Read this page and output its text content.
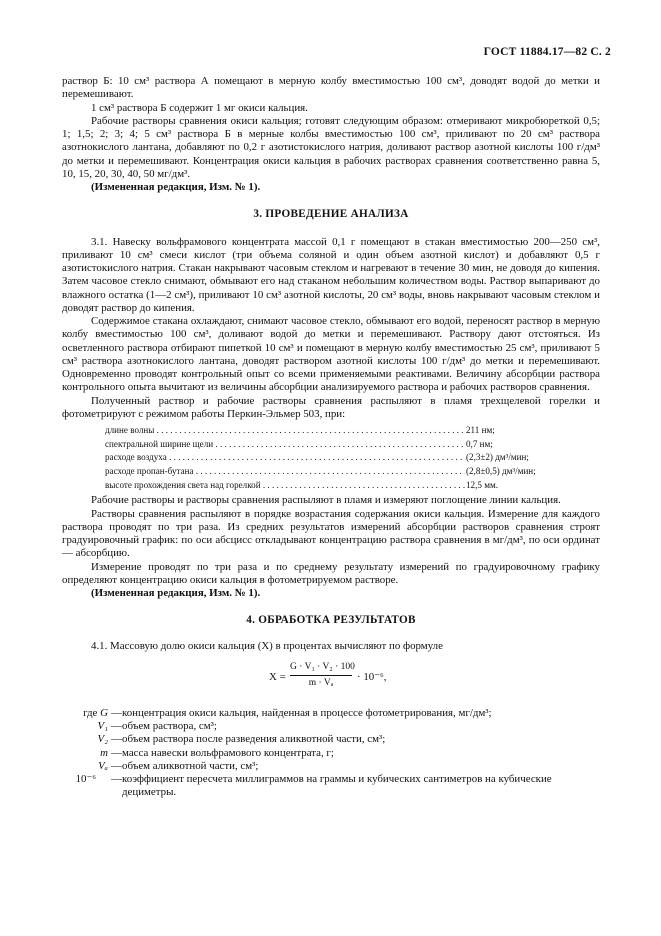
ГОСТ 11884.17—82 С. 2

раствор Б: 10 см³ раствора А помещают в мерную колбу вместимостью 100 см³, доводят водой до метки и перемешивают.

1 см³ раствора Б содержит 1 мг окиси кальция.

Рабочие растворы сравнения окиси кальция; готовят следующим образом: отмеривают микробюреткой 0,5; 1; 1,5; 2; 3; 4; 5 см³ раствора Б в мерные колбы вместимостью 100 см³, приливают по 20 см³ раствора азотнокислого лантана, добавляют по 0,2 г азотистокислого натрия, доливают раствор азотной кислоты 100 г/дм³ до метки и перемешивают. Концентрация окиси кальция в рабочих растворах сравнения соответственно равна 5, 10, 15, 20, 30, 40, 50 мг/дм³.

(Измененная редакция, Изм. № 1).

3. ПРОВЕДЕНИЕ АНАЛИЗА

3.1. Навеску вольфрамового концентрата массой 0,1 г помещают в стакан вместимостью 200—250 см³, приливают 10 см³ смеси кислот (три объема соляной и один объем азотной кислот) и добавляют 0,5 г азотистокислого натрия. Стакан накрывают часовым стеклом и нагревают в течение 30 мин, не доводя до кипения. Затем часовое стекло снимают, обмывают его над стаканом небольшим количеством воды. Раствор выпаривают до влажного остатка (1—2 см³), приливают 10 см³ азотной кислоты, 20 см³ воды, вновь накрывают часовым стеклом и доводят раствор до кипения.

Содержимое стакана охлаждают, снимают часовое стекло, обмывают его водой, переносят раствор в мерную колбу вместимостью 100 см³, доливают водой до метки и перемешивают. Раствору дают отстояться. Из осветленного раствора отбирают пипеткой 10 см³ и помещают в мерную колбу вместимостью 25 см³, приливают 5 см³ раствора азотнокислого лантана, доводят раствором азотной кислоты 100 г/дм³ до метки и перемешивают. Одновременно проводят контрольный опыт со всеми применяемыми реактивами. Величину абсорбции раствора контрольного опыта вычитают из величины абсорбции анализируемого раствора и рабочих растворов сравнения.

Полученный раствор и рабочие растворы сравнения распыляют в пламя трехщелевой горелки и фотометрируют с режимом работы Перкин-Эльмер 503, при:

длине волны . . .	211 нм;
спектральной ширине щели . . .	0,7 нм;
расходе воздуха . . .	(2,3±2) дм³/мин;
расходе пропан-бутана . . .	(2,8±0,5) дм³/мин;
высоте прохождения света над горелкой . . .	12,5 мм.

Рабочие растворы и растворы сравнения распыляют в пламя и измеряют поглощение линии кальция.

Растворы сравнения распыляют в порядке возрастания содержания окиси кальция. Измерение для каждого раствора проводят по три раза. Из средних результатов измерений абсорбции растворов сравнения строят градуировочный график: по оси абсцисс откладывают концентрацию раствора сравнения в мг/дм³, по оси ординат — абсорбцию.

Измерение проводят по три раза и по среднему результату измерений по градуировочному графику определяют концентрацию окиси кальция в фотометрируемом растворе.

(Измененная редакция, Изм. № 1).

4. ОБРАБОТКА РЕЗУЛЬТАТОВ

4.1. Массовую долю окиси кальция (X) в процентах вычисляют по формуле

$X = \frac{\text{G · V₁ · V₂ · 100}}{\text{m · Vₐ}} \cdot 10^{-6}$,
где G — концентрация окиси кальция, найденная в процессе фотометрирования, мг/дм³;
V₁ — объем раствора, см³;
V₂ — объем раствора после разведения аликвотной части, см³;
m — масса навески вольфрамового концентрата, г;
Vₐ — объем аликвотной части, см³;
10⁻⁶ — коэффициент пересчета миллиграммов на граммы и кубических сантиметров на кубические дециметры.
